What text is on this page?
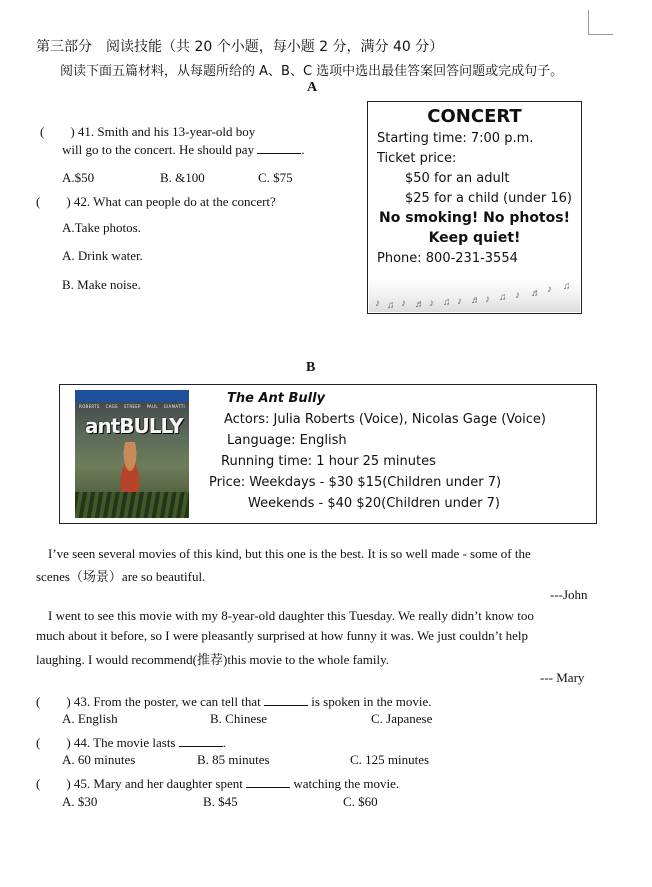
第三部分　阅读技能（共 20 个小题，每小题 2 分，满分 40 分）
阅读下面五篇材料，从每题所给的 A、B、C 选项中选出最佳答案回答问题或完成句子。
A
(　　) 41. Smith and his 13-year-old boy
will go to the concert. He should pay	.
A.$50	B. &100	C. $75
(　　) 42. What can people do at the concert?
A.Take photos.
A. Drink water.
B. Make noise.
CONCERT
Starting time: 7:00 p.m.
Ticket price:
$50 for an adult
$25 for a child (under 16)
No smoking! No photos!
Keep quiet!
Phone: 800-231-3554
♪ ♫ ♪ ♬ ♪ ♫ ♪ ♬ ♪ ♫ ♪ ♬ ♪ ♫
B
ROBERTS CAGE STREEP PAUL GIAMATTI
antBULLY
The Ant Bully
Actors: Julia Roberts (Voice), Nicolas Gage (Voice)
Language: English
Running time: 1 hour 25 minutes
Price: Weekdays - $30 $15(Children under 7)
Weekends - $40 $20(Children under 7)
I’ve seen several movies of this kind, but this one is the best. It is so well made - some of the
scenes（场景）are so beautiful.
---John
I went to see this movie with my 8-year-old daughter this Tuesday. We really didn’t know too
much about it before, so I were pleasantly surprised at how funny it was. We just couldn’t help
laughing. I would recommend(推荐)this movie to the whole family.
--- Mary
(　　) 43. From the poster, we can tell that	is spoken in the movie.
A. English	B. Chinese	C. Japanese
(　　) 44. The movie lasts	.
A. 60 minutes	B. 85 minutes	C. 125 minutes
(　　) 45. Mary and her daughter spent	watching the movie.
A. $30	B. $45	C. $60
